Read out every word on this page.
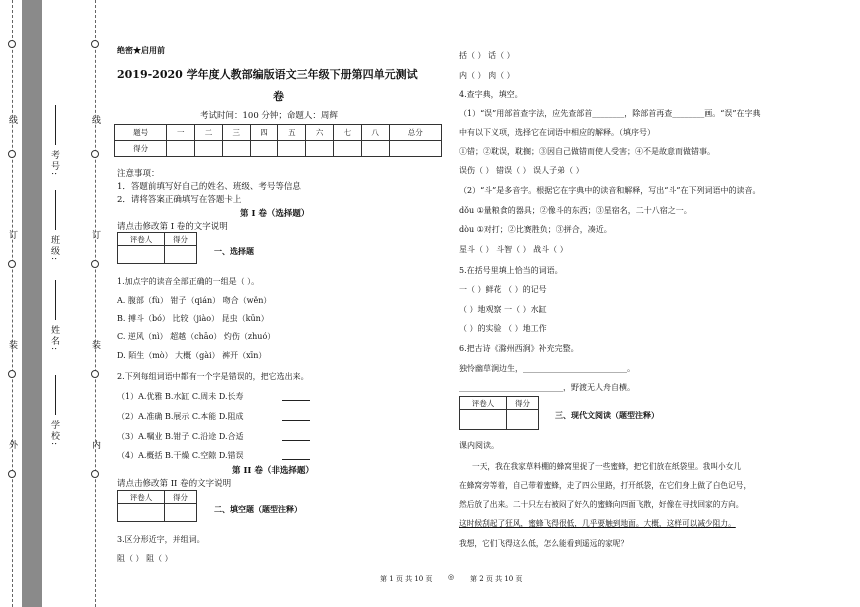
线
订
装
外
线
订
装
内
学校:
姓名:
班级:
考号:
绝密★启用前
2019-2020 学年度人教部编版语文三年级下册第四单元测试
卷
考试时间：100 分钟；命题人：周辉
题号	一	二	三	四	五	六	七	八	总分
得分									
注意事项：
1．答题前填写好自己的姓名、班级、考号等信息
2．请将答案正确填写在答题卡上
第 I 卷（选择题）
请点击修改第 I 卷的文字说明
评卷人	得分

一、选择题
1.加点字的读音全部正确的一组是（ ）。
A. 腹部（fù） 钳子（qián） 吻合（wěn）
B. 搏斗（bó） 比较（jiào） 昆虫（kūn）
C. 逆风（nì） 超越（chāo） 灼伤（zhuó）
D. 陌生（mò） 大概（gài） 裤开（xīn）
2.下列每组词语中都有一个字是错误的，把它选出来。
（1）A.优雅 B.水缸 C.周未 D.长寿
（2）A.准确 B.展示 C.本能 D.阻成
（3）A.嘱业 B.钳子 C.沿途 D.合适
（4）A.概括 B.干燥 C.空隙 D.错误
第 II 卷（非选择题）
请点击修改第 II 卷的文字说明
评卷人	得分

二、填空题（题型注释）
3.区分形近字，并组词。
阻（ ） 阻（ ）
第 1 页 共 10 页 ◎
括（ ） 话（ ）
内（ ） 肉（ ）
4.查字典，填空。
（1）“误”用部首查字法，应先查部首________，除部首再查________画。“误”在字典
中有以下义项，选择它在词语中相应的解释。（填序号）
①错；②耽误，耽搁；③因自己做错而使人受害；④不是故意而做错事。
误伤（ ） 错误（ ） 误人子弟（ ）
（2）“斗”是多音字。根据它在字典中的读音和解释，写出“斗”在下列词语中的读音。
dǒu ①量粮食的器具；②像斗的东西；③星宿名，二十八宿之一。
dòu ①对打；②比赛胜负；③拼合，凑近。
星斗（ ） 斗智（ ） 战斗（ ）
5.在括号里填上恰当的词语。
一（ ）鲜花 （ ）的记号
（ ）地观察 一（ ）水缸
（ ）的实验 （ ）地工作
6.把古诗《滁州西涧》补充完整。
独怜幽草涧边生，__________________________。
__________________________，野渡无人舟自横。
评卷人	得分

三、现代文阅读（题型注释）
课内阅读。
一天，我在我家草料棚的蜂窝里捉了一些蜜蜂，把它们放在纸袋里。我叫小女儿
在蜂窝旁等着，自己带着蜜蜂，走了四公里路，打开纸袋，在它们身上做了白色记号，
然后放了出来。二十只左右被闷了好久的蜜蜂向四面飞散，好像在寻找回家的方向。
这时候刮起了狂风，蜜蜂飞得很低，几乎要触到地面。大概，这样可以减少阻力。
我想，它们飞得这么低，怎么能看到遥远的家呢？
第 2 页 共 10 页
